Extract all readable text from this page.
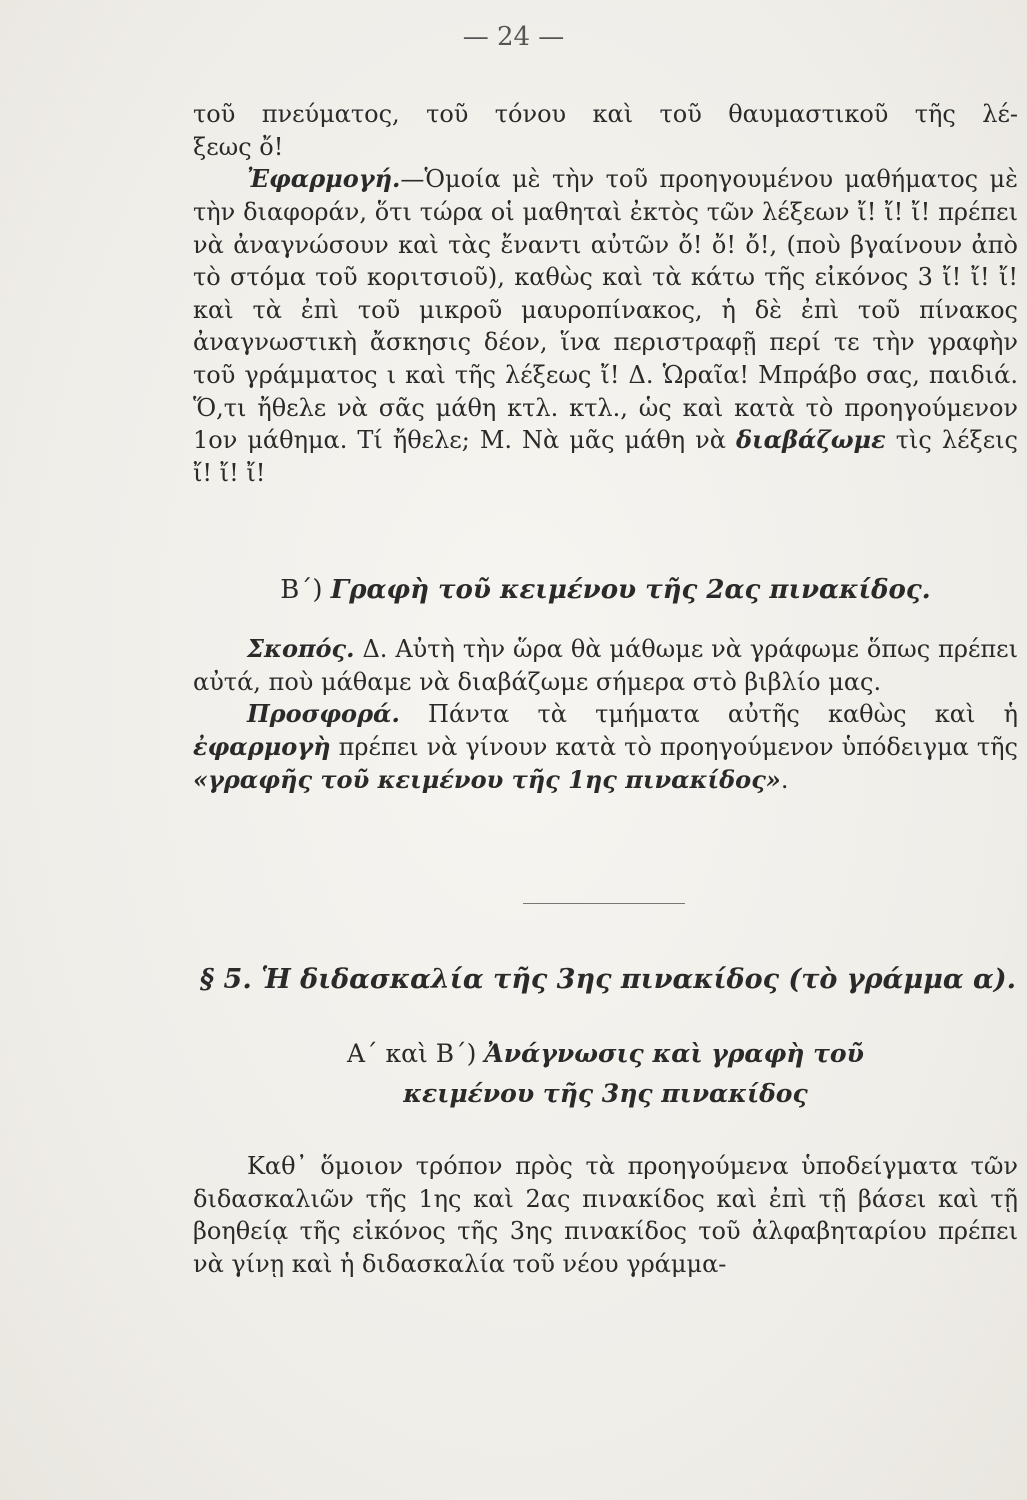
— 24 —

τοῦ πνεύματος, τοῦ τόνου καὶ τοῦ θαυμαστικοῦ τῆς λέ-

ξεως ὄ!

Ἐφαρμογή.—Ὁμοία μὲ τὴν τοῦ προηγουμένου μαθήματος μὲ τὴν διαφοράν, ὅτι τώρα οἱ μαθηταὶ ἐκτὸς τῶν λέξεων ἴ! ἴ! ἴ! πρέπει νὰ ἀναγνώσουν καὶ τὰς ἔναντι αὐτῶν ὄ! ὄ! ὄ!, (ποὺ βγαίνουν ἀπὸ τὸ στόμα τοῦ κοριτσιοῦ), καθὼς καὶ τὰ κάτω τῆς εἰκόνος 3 ἴ! ἴ! ἴ! καὶ τὰ ἐπὶ τοῦ μικροῦ μαυροπίνακος, ἡ δὲ ἐπὶ τοῦ πίνακος ἀναγνωστικὴ ἄσκησις δέον, ἵνα περιστραφῇ περί τε τὴν γραφὴν τοῦ γράμματος ι καὶ τῆς λέξεως ἴ! Δ. Ὡραῖα! Μπράβο σας, παιδιά. Ὅ,τι ἤθελε νὰ σᾶς μάθη κτλ. κτλ., ὡς καὶ κατὰ τὸ προηγούμενον 1ον μάθημα. Τί ἤθελε; Μ. Νὰ μᾶς μάθη νὰ διαβάζωμε τὶς λέξεις ἴ! ἴ! ἴ!

Β΄) Γραφὴ τοῦ κειμένου τῆς 2ας πινακίδος.

Σκοπός. Δ. Αὐτὴ τὴν ὥρα θὰ μάθωμε νὰ γράφωμε ὅπως πρέπει αὐτά, ποὺ μάθαμε νὰ διαβάζωμε σήμερα στὸ βιβλίο μας.

Προσφορά. Πάντα τὰ τμήματα αὐτῆς καθὼς καὶ ἡ ἐφαρμογὴ πρέπει νὰ γίνουν κατὰ τὸ προηγούμενον ὑπόδειγμα τῆς «γραφῆς τοῦ κειμένου τῆς 1ης πινακίδος».

§ 5. Ἡ διδασκαλία τῆς 3ης πινακίδος (τὸ γράμμα α).
Α΄ καὶ Β΄) Ἀνάγνωσις καὶ γραφὴ τοῦ
κειμένου τῆς 3ης πινακίδος

Καθ᾽ ὅμοιον τρόπον πρὸς τὰ προηγούμενα ὑποδείγματα τῶν διδασκαλιῶν τῆς 1ης καὶ 2ας πινακίδος καὶ ἐπὶ τῇ βάσει καὶ τῇ βοηθείᾳ τῆς εἰκόνος τῆς 3ης πινακίδος τοῦ ἀλφαβηταρίου πρέπει νὰ γίνῃ καὶ ἡ διδασκαλία τοῦ νέου γράμμα-
